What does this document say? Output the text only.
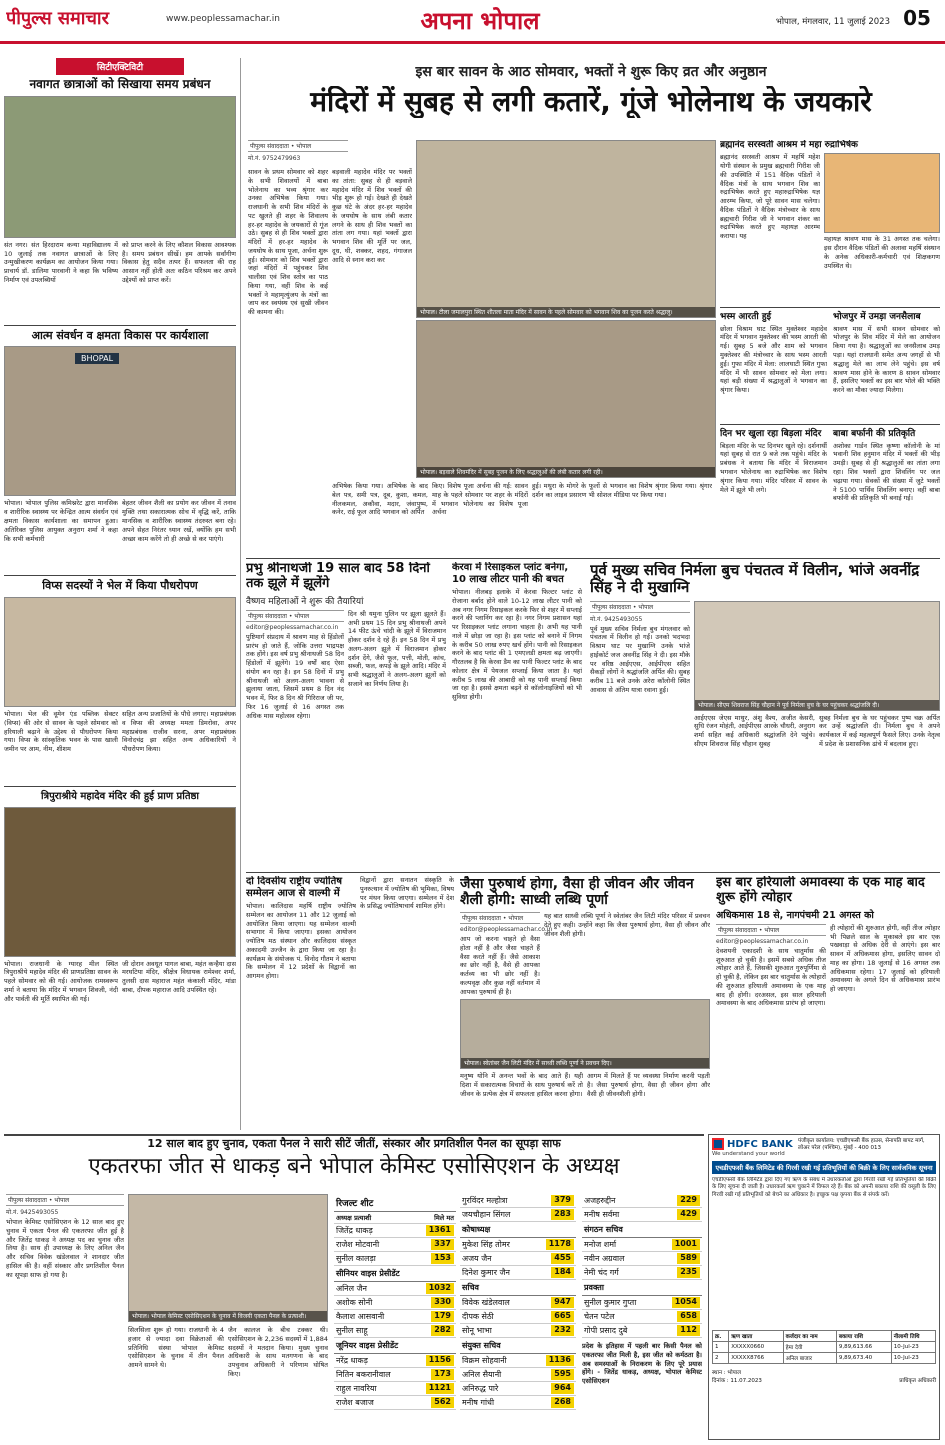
पीपुल्स समाचार	www.peoplessamachar.in	अपना भोपाल	भोपाल, मंगलवार, 11 जुलाई 2023 05
सिटीएक्टिविटी
नवागत छात्राओं को सिखाया समय प्रबंधन
संत नगर। संत हिरदाराम कन्या महाविद्यालय में 10 जुलाई तक नवागत छात्राओं के लिए उन्मुखीकरण कार्यक्रम का आयोजन किया गया। प्राचार्य डॉ. डालिमा पारवानी ने कहा कि भविष्य निर्माण एवं उपलब्धियों
को प्राप्त करने के लिए कौशल विकास आवश्यक है। समय प्रबंधन सीखें। हम आपके सर्वांगीण विकास हेतु सदैव तत्पर हैं। सफलता की राह आसान नहीं होती अतः कठिन परिश्रम कर अपने उद्देश्यों को प्राप्त करें।
आत्म संवर्धन व क्षमता विकास पर कार्यशाला
BHOPAL
भोपाल। भोपाल पुलिस कमिश्नरेट द्वारा मानसिक व शारीरिक स्वास्थ्य पर केन्द्रित आत्म संवर्धन एवं क्षमता विकास कार्यशाला का समापन हुआ। अतिरिक्त पुलिस आयुक्त अनुराग शर्मा ने कहा कि सभी कर्मचारी
बेहतर जीवन शैली का प्रयोग कर जीवन में तनाव मुक्ति तथा सकारात्मक सोच में वृद्धि करें, ताकि मानसिक व शारीरिक स्वास्थ्य तंदरुस्त बना रहे। अपने सेहत निरंतर ध्यान रखें, क्योंकि हम सभी अच्छा काम करेंगे तो ही अच्छे से कर पाएंगे।
विप्स सदस्यों ने भेल में किया पौधरोपण
भोपाल। भेल की वूमेन एंड पब्लिक सेक्टर (विप्स) की ओर से सावन के पहले सोमवार को हरियाली बढ़ाने के उद्देश्य से पौधरोपण किया गया। विप्स के सांस्कृतिक भवन के पास खाली जमीन पर आम, नीम, शीशम
सहित अन्य प्रजातियों के पौधे लगाए। महाप्रबंधक व विप्स की अध्यक्ष ममता डिमरोवा, अपर महाप्रबंधक राजीव सरना, अपर महाप्रबंधक विनोदचंद्र झा सहित अन्य अधिकारियों ने पौधरोपण किया।
त्रिपुराश्रीये महादेव मंदिर की हुई प्राण प्रतिष्ठा
भोपाल। राजधानी के ग्यारह मील स्थित त्रिपुराश्रीये महादेव मंदिर की प्राणप्रतिष्ठा सावन के पहले सोमवार को की गई। आयोजक रामस्वरूप शर्मा ने बताया कि मंदिर में भगवान शिवजी, नंदी और पार्वती की मूर्ति स्थापित की गई।
जी दोरान अवधूत पागल बाबा, महंत कन्हैया दास मरघटिया मंदिर, श्रीक्षेत्र विधायक रामेश्वर शर्मा, तुलसी दास महाराज महंत कंकाली मंदिर, मांडा बाबा, दीपक महाराज आदि उपस्थित रहे।
इस बार सावन के आठ सोमवार, भक्तों ने शुरू किए व्रत और अनुष्ठान
मंदिरों में सुबह से लगी कतारें, गूंजे भोलेनाथ के जयकारे
पीपुल्स संवाददाता • भोपाल
मो.नं. 9752479963
सावन के प्रथम सोमवार को शहर के सभी शिवालयों में बाबा भोलेनाथ का भव्य श्रृंगार कर उनका अभिषेक किया गया। राजधानी के सभी शिव मंदिरों के पट खुलते ही शहर के शिवालय हर-हर महादेव के जयकारों से गूंज उठे। सुबह से ही शिव भक्तों द्वारा मंदिरों में हर-हर महादेव के जयघोष के साथ पूजा, अर्चना शुरू हुई। सोमवार को शिव भक्तों द्वारा जहां मंदिरों में पहुंचकर शिव चालीसा एवं शिव स्तोत्र का पाठ किया गया, वहीं शिव के कई भक्तों ने महामृत्युंजय के मंत्रों का जाप कर स्वयंस्थ एवं सुखी जीवन की कामना की।
बड़वाली महादेव मंदिर पर भक्तों का तांता: सुबह से ही बड़वाले महादेव मंदिर में शिव भक्तों की भीड़ शुरू हो गई। देखते ही देखते कुछ घंटे के अंदर हर-हर महादेव के जयघोष के साथ लंबी कतार लगने के साथ ही शिव भक्तों का तांता लग गया। यहां भक्तों द्वारा भगवान शिव की मूर्ति पर जल, दूध, घी, शक्कर, शहद, गंगाजल आदि से स्नान करा कर
भोपाल। टीला जमालपुरा स्थित शीतला माता मंदिर में सावन के पहले सोमवार को भगवान शिव का पूजन करते श्रद्धालु।
भोपाल। बड़वाले शिवमंदिर में सुबह पूजन के लिए श्रद्धालुओं की लंबी कतार लगी रही।
अभिषेक किया गया। अभिषेक के बाद बेल पत्र, समी पत्र, दूब, कुशा, कमल, नीलकमल, अकौवा, मदार, जंवापुष्प, कनेर, राई फूल आदि भगवान को अर्पित
किए। विशेष पूजा अर्चना की गई: सावन माह के पहले सोमवार पर शहर के मंदिरों में भगवान भोलेनाथ का विशेष पूजा अर्चना
हुई। मथुरा के मोगरे के फूलों से भगवान का विशेष श्रृंगार किया गया। श्रृंगार दर्शन का लाइव प्रसारण भी सोशल मीडिया पर किया गया।
ब्रह्मानंद सरस्वती आश्रम में महा रुद्राभिषेक
ब्रह्मानंद सरस्वती आश्रम में महर्षि महेश योगी संस्थान के प्रमुख ब्रह्मचारी गिरीश जी की उपस्थिति में 151 वैदिक पंडितों ने वैदिक मंत्रों के साथ भगवान शिव का रुद्राभिषेक करते हुए महारुद्राभिषेक यज्ञ आरम्भ किया, जो पूरे सावन मास चलेगा। वैदिक पंडितों ने वैदिक मंत्रोच्चार के साथ ब्रह्मचारी गिरीश जी ने भगवान शंकर का रुद्राभिषेक करते हुए महायज्ञ आरम्भ कराया। यह	महायज्ञ श्रावण मास के 31 अगस्त तक चलेगा। इस दौरान वैदिक पंडितों की अलावा महर्षि संस्थान के अनेक अधिकारी-कर्मचारी एवं शिक्षकगण उपस्थित थे।
भस्म आरती हुई
छोला विश्राम घाट स्थित मुक्तेश्वर महादेव मंदिर में भगवान मुक्तेश्वर की भस्म आरती की गई। सुबह 5 बजे और शाम को भगवान मुक्तेश्वर की मंत्रोच्चार के साथ भस्म आरती हुई। गुफा मंदिर में मेला: लालघाटी स्थित गुफा मंदिर में भी सावन सोमवार को मेला लगा। यहां बड़ी संख्या में श्रद्धालुओं ने भगवान का श्रृंगार किया।
भोजपुर में उमड़ा जनसैलाब
श्रावण मास में सभी सावन सोमवार को भोजपुर के शिव मंदिर में मेले का आयोजन किया गया है। श्रद्धालुओं का जनसैलाब उमड़ पड़ा। यहां राजधानी समेत अन्य जगहों से भी श्रद्धालु मेले का लाभ लेने पहुंचे। इस वर्ष श्रावण मास होने के कारण 8 सावन सोमवार हैं, इसलिए भक्तों का इस बार भोले की भक्ति करने का मौका ज्यादा मिलेगा।
दिन भर खुला रहा बिड़ला मंदिर
बिड़ला मंदिर के पट दिनभर खुले रहे। दर्शनार्थी यहां सुबह से रात 9 बजे तक पहुंचे। मंदिर के प्रबंधक ने बताया कि मंदिर में विराजमान भगवान भोलेनाथ का रुद्राभिषेक कर विशेष श्रृंगार किया गया। मंदिर परिसर में सावन के मेले में झूले भी लगे।
बाबा बर्फानी की प्रतिकृति
अशोका गार्डन स्थित कृष्णा कॉलोनी के मां भवानी शिव हनुमान मंदिर में भक्तों की भीड़ उमड़ी। सुबह से ही श्रद्धालुओं का तांता लगा रहा। शिव भक्तों द्वारा शिवलिंग पर जल चढ़ाया गया। सेवकों की संख्या में जुटे भक्तों ने 5100 पार्थिव शिवलिंग बनाए। वहीं बाबा बर्फानी की प्रतिकृति भी बनाई गई।
प्रभु श्रीनाथजी 19 साल बाद 58 दिनों तक झूले में झूलेंगे
वैष्णव महिलाओं ने शुरू की तैयारियां
पीपुल्स संवाददाता • भोपाल
editor@peoplessamachar.co.in
पुष्टिमार्ग संप्रदाय में श्रावण माह से हिंडोलों प्रारंभ हो जाते हैं, जोकि उत्तरा भाद्रपक्ष तक होंगे। इस वर्ष प्रभु श्रीनाथजी 58 दिन हिंडोलों में झूलेंगे। 19 वर्षों बाद ऐसा संयोग बन रहा है। इन 58 दिनों में प्रभु श्रीनाथजी को अलग-अलग भावना से झुलाया जाता, जिसमें प्रथम 8 दिन नंद भवन में, फिर 8 दिन श्री गिरिराज जी पर, फिर 16 जुलाई से 16 अगस्त तक अधिक मास महोत्सव रहेगा।
दिन श्री यमुना पुलिन पर झूला झूलते हैं। अभी प्रथम 15 दिन प्रभु श्रीनाथजी अपने 14 फीट ऊंचे चांदी के झूले में विराजमान होकर दर्शन दे रहे हैं। इन 58 दिन में प्रभु अलग-अलग झूले में विराजमान होकर दर्शन देंगे, जैसे फूल, पत्ती, मोती, कांच, सब्जी, फल, कपड़े के झूले आदि। मंदिर में सभी श्रद्धालुओं ने अलग-अलग झूलों को सजाने का निर्णय लिया है।
केरवा में रिसाइकल प्लांट बनेगा, 10 लाख लीटर पानी की बचत
भोपाल। नीलबड़ इलाके में केरवा फिल्टर प्लांट से रोजाना बर्बाद होने वाले 10-12 लाख लीटर पानी को अब नगर निगम रिसाइकल करके फिर से शहर में सप्लाई करने की प्लानिंग कर रहा है। नगर निगम प्रशासन यहां पर रिसाइकल प्लांट लगाना चाहता है। अभी यह पानी नाले में छोड़ा जा रहा है। इस प्लांट को बनाने में निगम के करीब 50 लाख रुपए खर्च होंगे। पानी को रिसाइकल करने के बाद प्लांट की 1 एमएलडी क्षमता बढ़ जाएगी। गौरतलब है कि केरवा डैम का पानी फिल्टर प्लांट के बाद कोलार क्षेत्र में पेयजल सप्लाई किया जाता है। यहां करीब 5 लाख की आबादी को यह पानी सप्लाई किया जा रहा है। इससे क्षमता बढ़ने से कॉलोनाइजियों को भी सुविधा होगी।
पूर्व मुख्य सचिव निर्मला बुच पंचतत्व में विलीन, भांजे अवनींद्र सिंह ने दी मुखाग्नि
पीपुल्स संवाददाता • भोपाल
मो.नं. 9425493055
पूर्व मुख्य सचिव निर्मला बुच मंगलवार को पंचतत्व में विलीन हो गईं। उनको भदभदा विश्राम घाट पर मुखाग्नि उनके भांजे हाईकोर्ट जज अवनींद्र सिंह ने दी। इस मौके पर वरिष्ठ आईएएस, आईपीएस सहित सैकड़ों लोगों ने श्रद्धांजलि अर्पित की। सुबह करीब 11 बजे उनके अरेरा कॉलोनी स्थित आवास से अंतिम यात्रा रवाना हुई।
भोपाल। सीएम शिवराज सिंह चौहान ने पूर्व निर्मला बुच के घर पहुंचकर श्रद्धांजलि दी।
आईएएस जेएस माथुर, अंशु वैश्य, अजीत केसरी, सुधि रंजन मोहंती, आईपीएस आरके चौधरी, अनुराग शर्मा सहित कई अधिकारी श्रद्धांजलि देने पहुंचे। सीएम शिवराज सिंह चौहान सुबह
सुबह निर्मला बुच के घर पहुंचकर पुष्प चक्र अर्पित कर उन्हें श्रद्धांजलि दी। निर्मला बुच ने अपने कार्यकाल में कई महत्वपूर्ण फैसले लिए। उनके नेतृत्व में प्रदेश के प्रशासनिक ढांचे में बदलाव हुए।
दो दिवसीय राष्ट्रीय ज्योतिष सम्मेलन आज से वाल्मी में
भोपाल। कालिदास महर्षि राष्ट्रीय ज्योतिष सम्मेलन का आयोजन 11 और 12 जुलाई को आयोजित किया जाएगा। यह सम्मेलन वाल्मी सभागार में किया जाएगा। इसका आयोजन ज्योतिष मठ संस्थान और कालिदास संस्कृत अकादमी उज्जैन के द्वारा किया जा रहा है। कार्यक्रम के संयोजक पं. विनोद गौतम ने बताया कि सम्मेलन में 12 प्रदेशों के विद्वानों का आगमन होगा।
विद्वानों द्वारा सनातन संस्कृति के पुनरुत्थान में ज्योतिष की भूमिका, विषय पर मंथन किया जाएगा। सम्मेलन में देश के प्रसिद्ध ज्योतिषाचार्य शामिल होंगे।
जैसा पुरुषार्थ होगा, वैसा ही जीवन और जीवन शैली होगी: साध्वी लब्धि पूर्णा
पीपुल्स संवाददाता • भोपाल
editor@peoplessamachar.co.in
आप जो करना चाहते हो वैसा होता नहीं है और जैसा चाहते हैं वैसा करते नहीं हैं। जैसे आकाश का छोर नहीं है, वैसे ही आपका कर्तव्य का भी छोर नहीं है। कल्पवृक्ष और कुछ नहीं वर्तमान में आपका पुरुषार्थ ही है।
यह बात साध्वी लब्धि पूर्णा ने स्वेतांबर जैन लिटी मंदिर परिसर में प्रवचन देते हुए कही। उन्होंने कहा कि जैसा पुरुषार्थ होगा, वैसा ही जीवन और जीवन शैली होगी।
भोपाल। स्वेतांबर जैन लिटी मंदिर में साध्वी लब्धि पूर्णा ने प्रवचन दिए।
मनुष्य योनि में अनन्त भवों के बाद आते हैं। यही दिशा में सकारात्मक विचारों के साथ पुरुषार्थ करें तो जीवन के प्रत्येक क्षेत्र में सफलता हासिल करना होगा।
आगम में मिलते हैं पर व्यवस्था निर्माण करनी पड़ती है। जैसा पुरुषार्थ होगा, वैसा ही जीवन होगा और वैसी ही जीवनशैली होगी।
इस बार हरियाली अमावस्या के एक माह बाद शुरू होंगे त्योहार
अधिकमास 18 से, नागपंचमी 21 अगस्त को
पीपुल्स संवाददाता • भोपाल
editor@peoplessamachar.co.in
देवशयनी एकादशी के साथ चातुर्मास की शुरुआत हो चुकी है। इसमें सबसे अधिक तीज त्योहार आते हैं, जिसकी शुरुआत गुरुपूर्णिमा से हो चुकी है, लेकिन इस बार चातुर्मास के त्योहारों की शुरुआत हरियाली अमावस्या के एक माह बाद ही होगी। दरअसल, इस साल हरियाली अमावस्या के बाद अधिकमास प्रारंभ हो जाएगा।
ही त्योहारों की शुरुआत होगी, वहीं तीज त्योहार भी पिछले साल के मुकाबले इस बार एक पखवाड़ा से अधिक देरी से आएंगे। इस बार सावन में अधिकमास होगा, इसलिए सावन दो माह का होगा। 18 जुलाई से 16 अगस्त तक अधिकमास रहेगा। 17 जुलाई को हरियाली अमावस्या के अगले दिन से अधिकमास प्रारंभ हो जाएगा।
12 साल बाद हुए चुनाव, एकता पैनल ने सारी सीटें जीतीं, संस्कार और प्रगतिशील पैनल का सूपड़ा साफ
एकतरफा जीत से धाकड़ बने भोपाल केमिस्ट एसोसिएशन के अध्यक्ष
पीपुल्स संवाददाता • भोपाल
मो.नं. 9425493055
भोपाल केमिस्ट एसोसिएशन के 12 साल बाद हुए चुनाव में एकता पैनल की एकतरफा जीत हुई है और जितेंद्र धाकड़ ने अध्यक्ष पद का चुनाव जीत लिया है। साथ ही उपाध्यक्ष के लिए अनिल जैन और सचिव विवेक खंडेलवाल ने शानदार जीत हासिल की है। वहीं संस्कार और प्रगतिशील पैनल का सूपड़ा साफ हो गया है।
भोपाल। भोपाल केमिस्ट एसोसिएशन के चुनाव में विजयी एकता पैनल के प्रत्याशी।
सिलसिला शुरू हो गया। राजधानी के 4 हजार से ज्यादा दवा विक्रेताओं की प्रतिनिधि संस्था भोपाल केमिस्ट एसोसिएशन के चुनाव में तीन पैनल आमने सामने थे।
जैन कालज के बीच टक्कर थी। एसोसिएशन के 2,236 सदस्यों में 1,884 सदस्यों ने मतदान किया। मुख्य चुनाव अधिकारी के साथ मतगणना के बाद उपचुनाव अधिकारी ने परिणाम घोषित किए।
रिजल्ट शीट
अध्यक्ष प्रत्याशी	मिले मत
जितेंद्र धाकड़	1361
राजेश मोटवानी	337
सुनील कालड़ा	153
सीनियर वाइस प्रेसीडेंट
अनिल जैन	1032
अशोक सोनी	330
कैलाश आसवानी	179
सुनील साहू	282
जूनियर वाइस प्रेसीडेंट
नरेंद्र धाकड़	1156
नितिन बकरानीवाल	173
राहुल नावरिया	1121
राजेश बजाज	562
गुरविंदर मल्होत्रा	379
जयचौहान सिंगल	283
कोषाध्यक्ष
मुकेश सिंह तोमर	1178
अजय जैन	455
दिनेश कुमार जैन	184
सचिव
विवेक खंडेलवाल	947
दीपक सेठी	665
सोनू भाभा	232
संयुक्त सचिव
विक्रम सोहवानी	1136
अनिल सैयानी	595
अनिरुद्ध पारे	964
मनीष गांधी	268
अजहरुद्दीन	229
मनीष सर्वमा	429
संगठन सचिव
मनोज शर्मा	1001
नवीन अग्रवाल	589
नेमी चंद गर्ग	235
प्रवक्ता
सुनील कुमार गुप्ता	1054
चेतन पटेल	658
गोपी प्रसाद दुबे	112
प्रदेश के इतिहास में पहली बार किसी पैनल को एकतरफा जीत मिली है, इस जीत को कर्मठता है। अब समस्याओं के निराकरण के लिए पूरे प्रयास होंगे। - जितेंद्र धाकड़, अध्यक्ष, भोपाल केमिस्ट एसोसिएशन
HDFC BANK
We understand your world
पंजीकृत कार्यालय: एचडीएफसी बैंक हाउस, सेनापति बापट मार्ग, लोअर परेल (पश्चिम), मुंबई - 400 013
एचडीएफसी बैंक लिमिटेड की गिरवी रखी गई प्रतिभूतियों की बिक्री के लिए सार्वजनिक सूचना
एचडीएफसी बैंक लिमिटेड द्वारा दिए गए ऋण के संबंध में उधारकर्ताओं द्वारा गिरवी रखी गई प्रतिभूतियों की बिक्री के लिए सूचना दी जाती है। उधारकर्ता ऋण चुकाने में विफल रहे हैं। बैंक को अपनी बकाया राशि की वसूली के लिए गिरवी रखी गई प्रतिभूतियों को बेचने का अधिकार है। इच्छुक पक्ष कृपया बैंक से संपर्क करें।
क्र.	ऋण खाता	कर्जदार का नाम	बकाया राशि	नीलामी तिथि
1	XXXXX0660	हेमा देवी	9,89,613.66	10-Jul-23
2	XXXXX8766	अनिल बाजार	9,89,673.40	10-Jul-23
स्थान : भोपाल
दिनांक : 11.07.2023	प्राधिकृत अधिकारी
